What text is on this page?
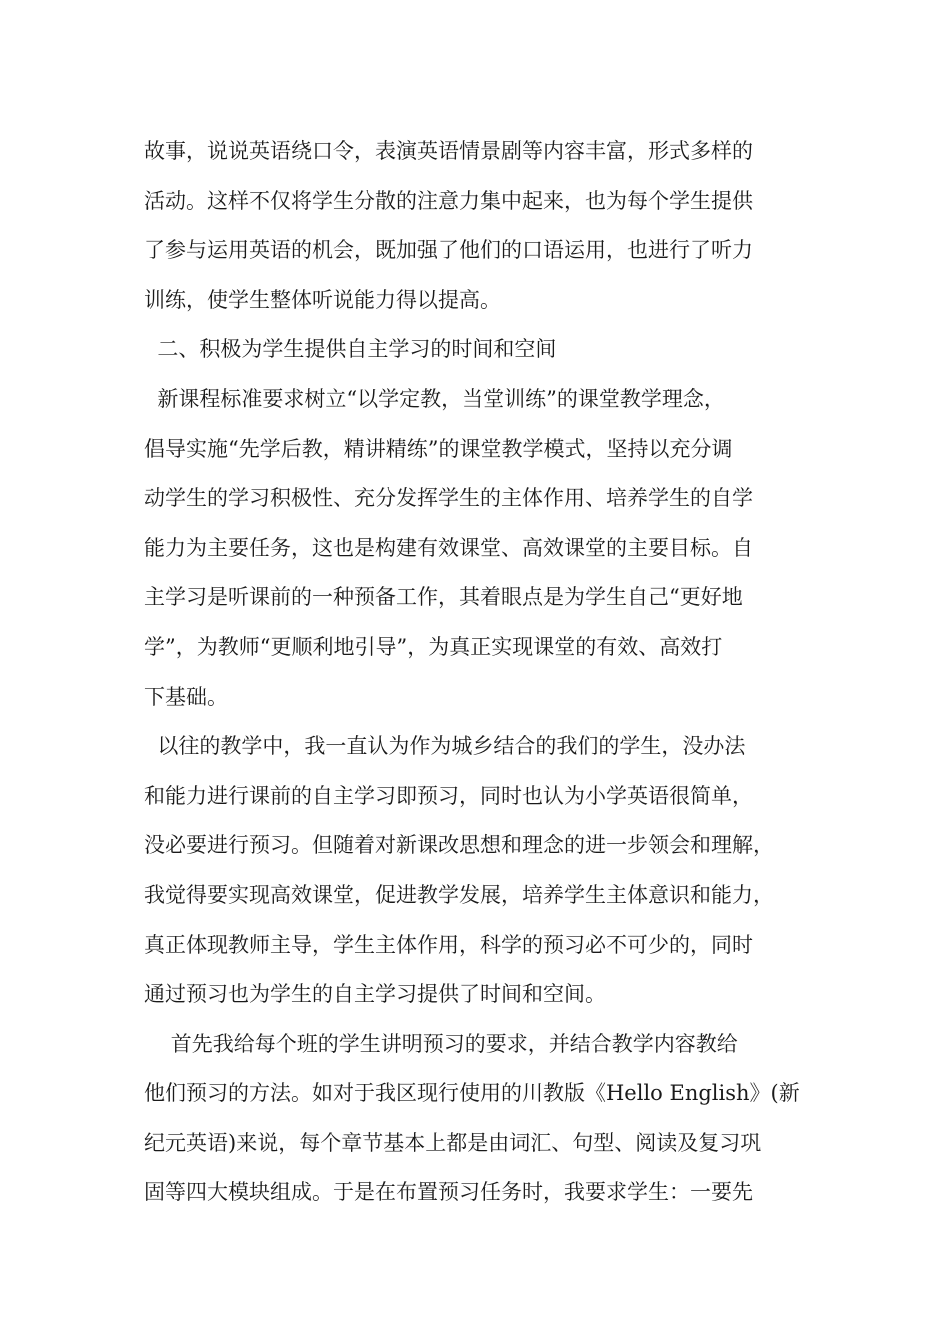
故事，说说英语绕口令，表演英语情景剧等内容丰富，形式多样的
活动。这样不仅将学生分散的注意力集中起来，也为每个学生提供
了参与运用英语的机会，既加强了他们的口语运用，也进行了听力
训练，使学生整体听说能力得以提高。
二、积极为学生提供自主学习的时间和空间
新课程标准要求树立“以学定教，当堂训练”的课堂教学理念，
倡导实施“先学后教，精讲精练”的课堂教学模式，坚持以充分调
动学生的学习积极性、充分发挥学生的主体作用、培养学生的自学
能力为主要任务，这也是构建有效课堂、高效课堂的主要目标。自
主学习是听课前的一种预备工作，其着眼点是为学生自己“更好地
学”，为教师“更顺利地引导”，为真正实现课堂的有效、高效打
下基础。
以往的教学中，我一直认为作为城乡结合的我们的学生，没办法
和能力进行课前的自主学习即预习，同时也认为小学英语很简单，
没必要进行预习。但随着对新课改思想和理念的进一步领会和理解，
我觉得要实现高效课堂，促进教学发展，培养学生主体意识和能力，
真正体现教师主导，学生主体作用，科学的预习必不可少的，同时
通过预习也为学生的自主学习提供了时间和空间。
首先我给每个班的学生讲明预习的要求，并结合教学内容教给
他们预习的方法。如对于我区现行使用的川教版《Hello English》(新
纪元英语)来说，每个章节基本上都是由词汇、句型、阅读及复习巩
固等四大模块组成。于是在布置预习任务时，我要求学生：一要先
